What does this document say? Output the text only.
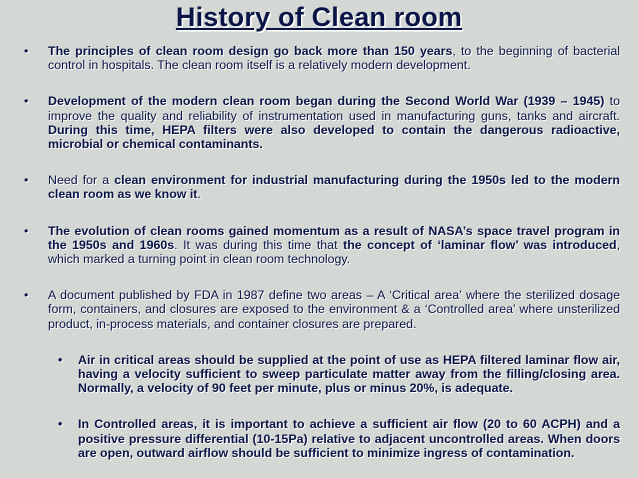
History of Clean room
• The principles of clean room design go back more than 150 years, to the beginning of bacterial control in hospitals. The clean room itself is a relatively modern development.
• Development of the modern clean room began during the Second World War (1939 – 1945) to improve the quality and reliability of instrumentation used in manufacturing guns, tanks and aircraft. During this time, HEPA filters were also developed to contain the dangerous radioactive, microbial or chemical contaminants.
• Need for a clean environment for industrial manufacturing during the 1950s led to the modern clean room as we know it.
• The evolution of clean rooms gained momentum as a result of NASA’s space travel program in the 1950s and 1960s. It was during this time that the concept of ‘laminar flow’ was introduced, which marked a turning point in clean room technology.
• A document published by FDA in 1987 define two areas – A ‘Critical area’ where the sterilized dosage form, containers, and closures are exposed to the environment & a ‘Controlled area’ where unsterilized product, in-process materials, and container closures are prepared.
• Air in critical areas should be supplied at the point of use as HEPA filtered laminar flow air, having a velocity sufficient to sweep particulate matter away from the filling/closing area. Normally, a velocity of 90 feet per minute, plus or minus 20%, is adequate.
• In Controlled areas, it is important to achieve a sufficient air flow (20 to 60 ACPH) and a positive pressure differential (10-15Pa) relative to adjacent uncontrolled areas. When doors are open, outward airflow should be sufficient to minimize ingress of contamination.
